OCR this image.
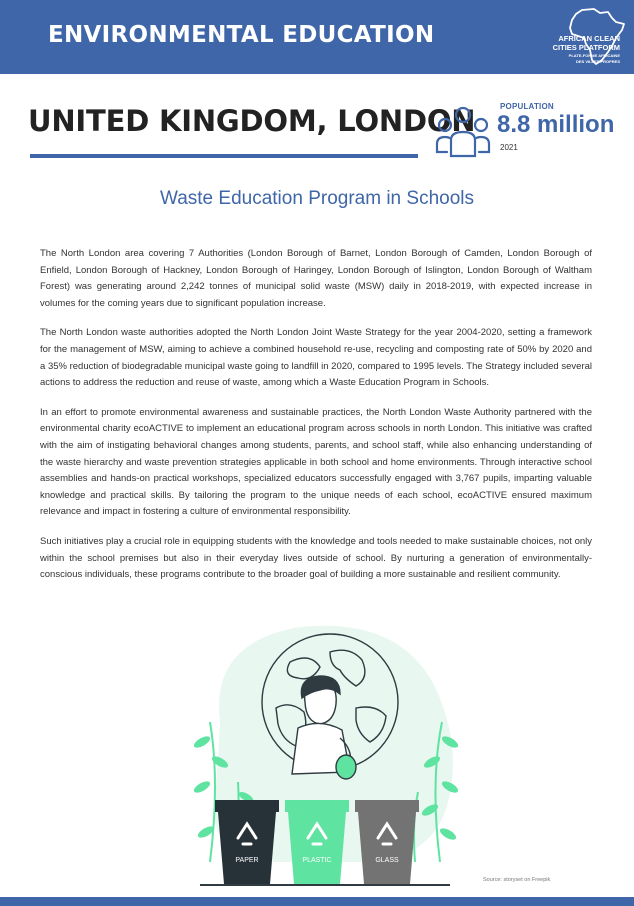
ENVIRONMENTAL EDUCATION	AFRICAN CLEAN
CITIES PLATFORM
PLATE-FORME AFRICAINE
DES VILLES PROPRES
UNITED KINGDOM, LONDON	POPULATION
8.8 million
2021
Waste Education Program in Schools

The North London area covering 7 Authorities (London Borough of Barnet, London Borough of Camden, London Borough of Enfield, London Borough of Hackney, London Borough of Haringey, London Borough of Islington, London Borough of Waltham Forest) was generating around 2,242 tonnes of municipal solid waste (MSW) daily in 2018-2019, with expected increase in volumes for the coming years due to significant population increase.

The North London waste authorities adopted the North London Joint Waste Strategy for the year 2004-2020, setting a framework for the management of MSW, aiming to achieve a combined household re-use, recycling and composting rate of 50% by 2020 and a 35% reduction of biodegradable municipal waste going to landfill in 2020, compared to 1995 levels. The Strategy included several actions to address the reduction and reuse of waste, among which a Waste Education Program in Schools.

In an effort to promote environmental awareness and sustainable practices, the North London Waste Authority partnered with the environmental charity ecoACTIVE to implement an educational program across schools in north London. This initiative was crafted with the aim of instigating behavioral changes among students, parents, and school staff, while also enhancing understanding of the waste hierarchy and waste prevention strategies applicable in both school and home environments. Through interactive school assemblies and hands-on practical workshops, specialized educators successfully engaged with 3,767 pupils, imparting valuable knowledge and practical skills. By tailoring the program to the unique needs of each school, ecoACTIVE ensured maximum relevance and impact in fostering a culture of environmental responsibility.

Such initiatives play a crucial role in equipping students with the knowledge and tools needed to make sustainable choices, not only within the school premises but also in their everyday lives outside of school. By nurturing a generation of environmentally-conscious individuals, these programs contribute to the broader goal of building a more sustainable and resilient community.

PAPER	PLASTIC	GLASS
Source: storyset on Freepik
